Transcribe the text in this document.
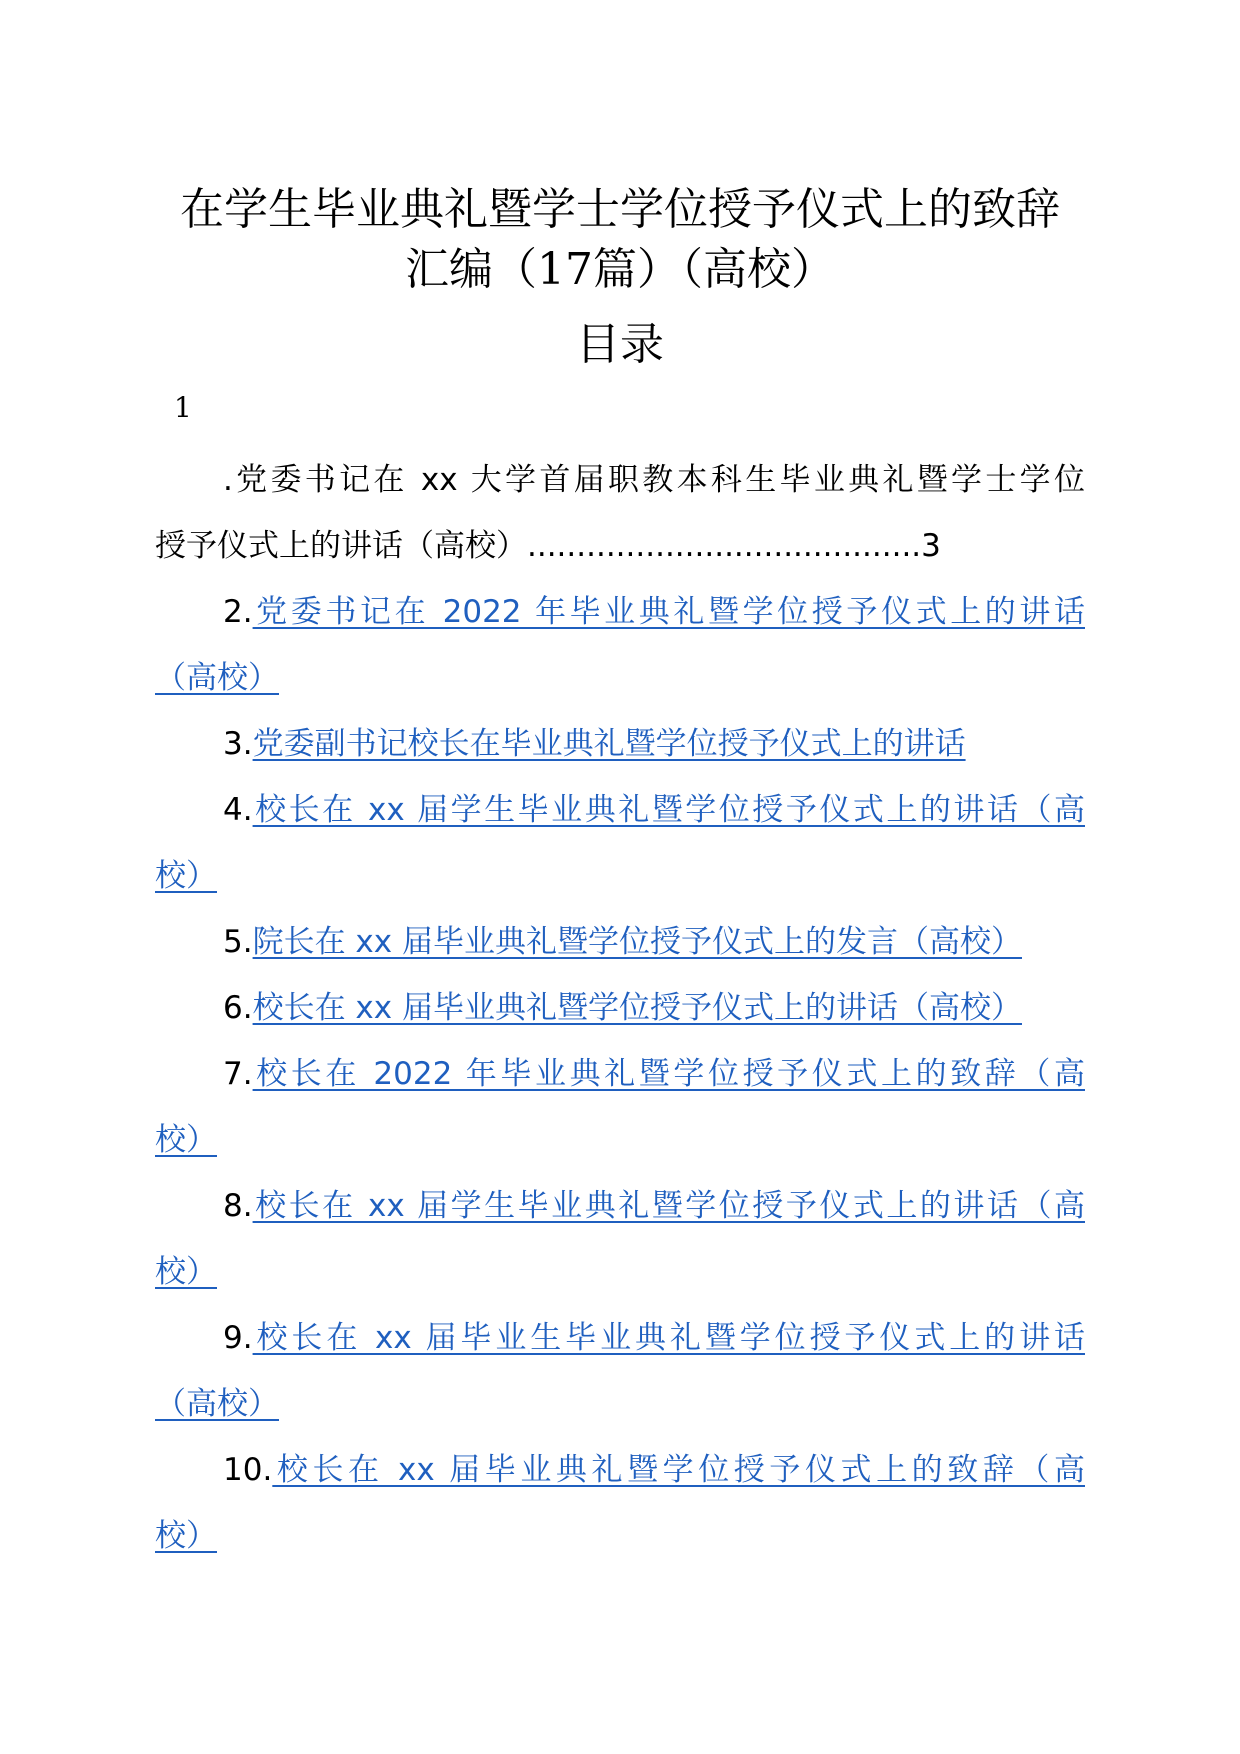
在学生毕业典礼暨学士学位授予仪式上的致辞
汇编（17篇）（高校）
目录
1
.党委书记在 xx 大学首届职教本科生毕业典礼暨学士学位
授予仪式上的讲话（高校）........................................3
2.党委书记在 2022 年毕业典礼暨学位授予仪式上的讲话
（高校）
3.党委副书记校长在毕业典礼暨学位授予仪式上的讲话
4.校长在 xx 届学生毕业典礼暨学位授予仪式上的讲话（高
校）
5.院长在 xx 届毕业典礼暨学位授予仪式上的发言（高校）
6.校长在 xx 届毕业典礼暨学位授予仪式上的讲话（高校）
7.校长在 2022 年毕业典礼暨学位授予仪式上的致辞（高
校）
8.校长在 xx 届学生毕业典礼暨学位授予仪式上的讲话（高
校）
9.校长在 xx 届毕业生毕业典礼暨学位授予仪式上的讲话
（高校）
10.校长在 xx 届毕业典礼暨学位授予仪式上的致辞（高
校）
